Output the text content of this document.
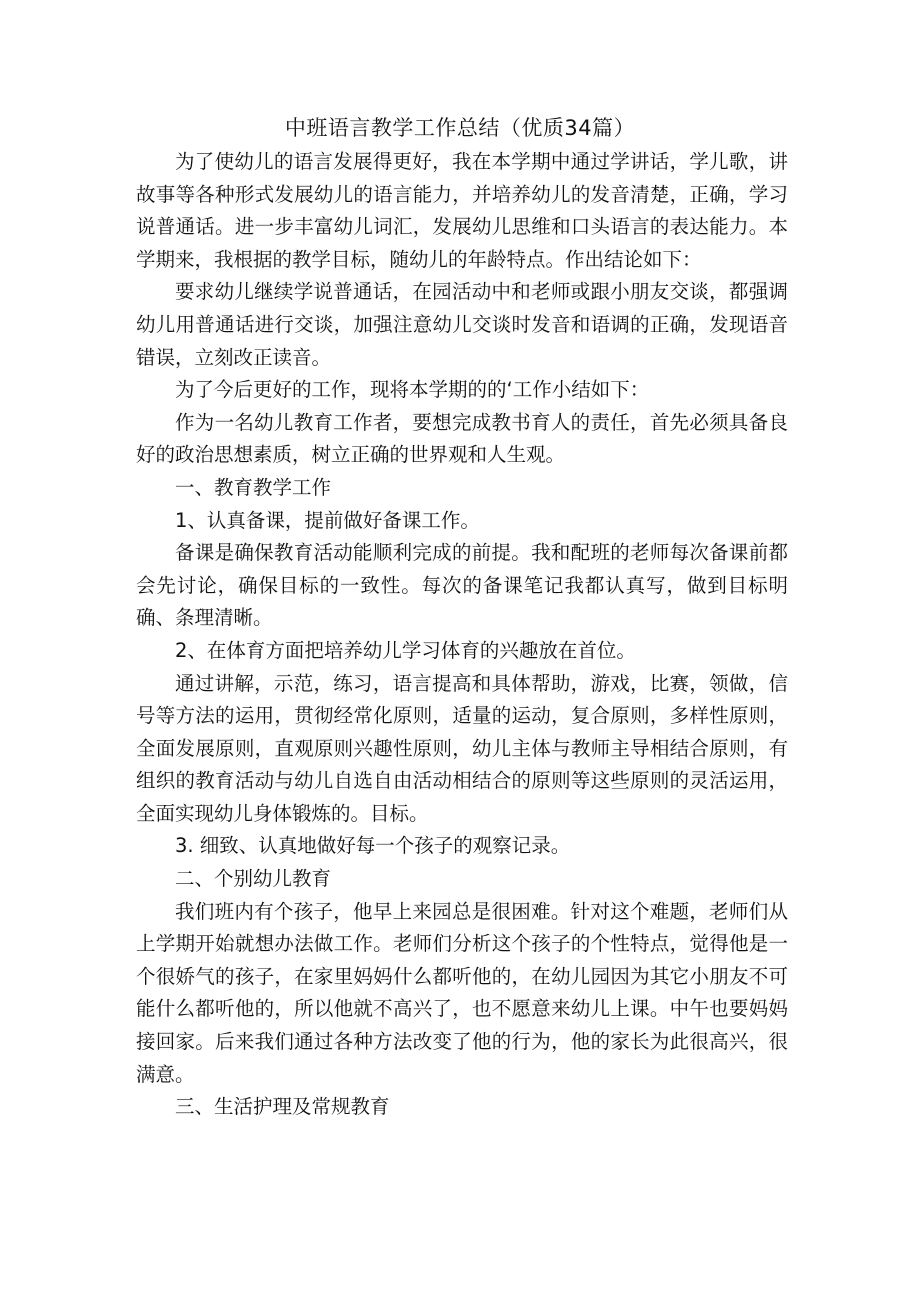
中班语言教学工作总结（优质34篇）

为了使幼儿的语言发展得更好，我在本学期中通过学讲话，学儿歌，讲故事等各种形式发展幼儿的语言能力，并培养幼儿的发音清楚，正确，学习说普通话。进一步丰富幼儿词汇，发展幼儿思维和口头语言的表达能力。本学期来，我根据的教学目标，随幼儿的年龄特点。作出结论如下：

要求幼儿继续学说普通话，在园活动中和老师或跟小朋友交谈，都强调幼儿用普通话进行交谈，加强注意幼儿交谈时发音和语调的正确，发现语音错误，立刻改正读音。

为了今后更好的工作，现将本学期的的‘工作小结如下：

作为一名幼儿教育工作者，要想完成教书育人的责任，首先必须具备良好的政治思想素质，树立正确的世界观和人生观。

一、教育教学工作

1、认真备课，提前做好备课工作。

备课是确保教育活动能顺利完成的前提。我和配班的老师每次备课前都会先讨论，确保目标的一致性。每次的备课笔记我都认真写，做到目标明确、条理清晰。

2、在体育方面把培养幼儿学习体育的兴趣放在首位。

通过讲解，示范，练习，语言提高和具体帮助，游戏，比赛，领做，信号等方法的运用，贯彻经常化原则，适量的运动，复合原则，多样性原则，全面发展原则，直观原则兴趣性原则，幼儿主体与教师主导相结合原则，有组织的教育活动与幼儿自选自由活动相结合的原则等这些原则的灵活运用，全面实现幼儿身体锻炼的。目标。

3. 细致、认真地做好每一个孩子的观察记录。

二、个别幼儿教育

我们班内有个孩子，他早上来园总是很困难。针对这个难题，老师们从上学期开始就想办法做工作。老师们分析这个孩子的个性特点，觉得他是一个很娇气的孩子，在家里妈妈什么都听他的，在幼儿园因为其它小朋友不可能什么都听他的，所以他就不高兴了，也不愿意来幼儿上课。中午也要妈妈接回家。后来我们通过各种方法改变了他的行为，他的家长为此很高兴，很满意。

三、生活护理及常规教育
